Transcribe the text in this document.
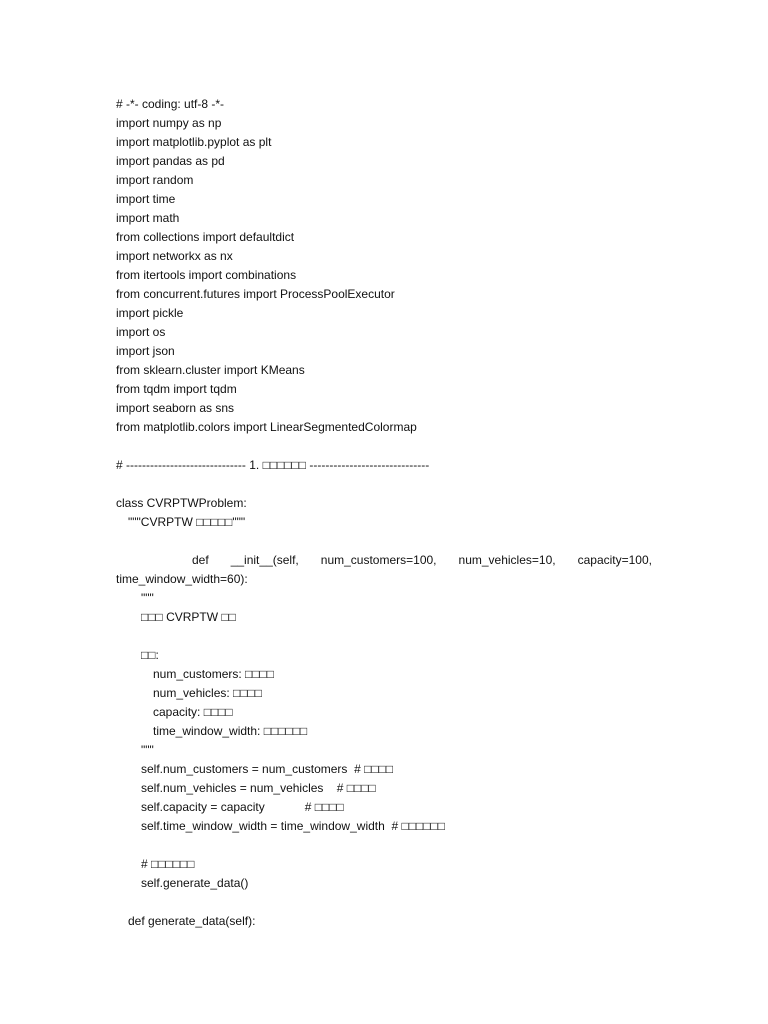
# -*- coding: utf-8 -*-
import numpy as np
import matplotlib.pyplot as plt
import pandas as pd
import random
import time
import math
from collections import defaultdict
import networkx as nx
from itertools import combinations
from concurrent.futures import ProcessPoolExecutor
import pickle
import os
import json
from sklearn.cluster import KMeans
from tqdm import tqdm
import seaborn as sns
from matplotlib.colors import LinearSegmentedColormap
# ------------------------------ 1. □□□□□□ ------------------------------
class CVRPTWProblem:
"""CVRPTW □□□□□"""
def __init__(self, num_customers=100, num_vehicles=10, capacity=100,
time_window_width=60):
"""
□□□ CVRPTW □□
□□:
num_customers: □□□□
num_vehicles: □□□□
capacity: □□□□
time_window_width: □□□□□□
"""
self.num_customers = num_customers  # □□□□
self.num_vehicles = num_vehicles    # □□□□
self.capacity = capacity            # □□□□
self.time_window_width = time_window_width  # □□□□□□
# □□□□□□
self.generate_data()
def generate_data(self):
